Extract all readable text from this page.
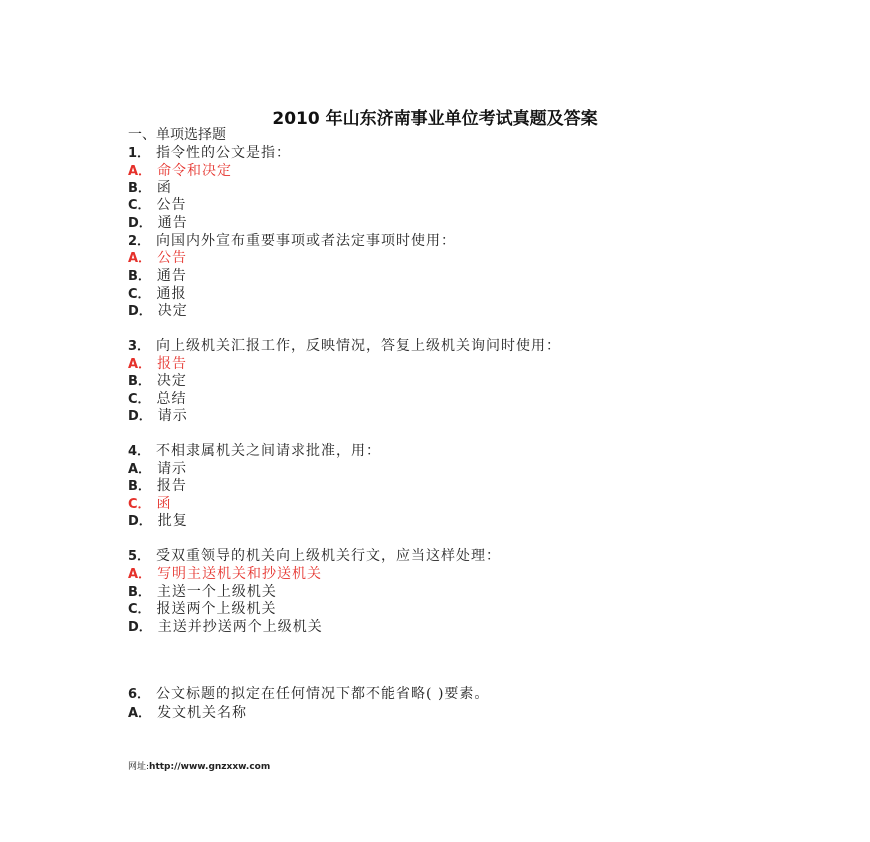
2010 年山东济南事业单位考试真题及答案
一、单项选择题
1． 指令性的公文是指：
A． 命令和决定
B． 函
C． 公告
D． 通告
2． 向国内外宣布重要事项或者法定事项时使用：
A． 公告
B． 通告
C． 通报
D． 决定
3． 向上级机关汇报工作，反映情况，答复上级机关询问时使用：
A． 报告
B． 决定
C． 总结
D． 请示
4． 不相隶属机关之间请求批准，用：
A． 请示
B． 报告
C． 函
D． 批复
5． 受双重领导的机关向上级机关行文，应当这样处理：
A． 写明主送机关和抄送机关
B． 主送一个上级机关
C． 报送两个上级机关
D． 主送并抄送两个上级机关
6． 公文标题的拟定在任何情况下都不能省略( )要素。
A． 发文机关名称
网址:http://www.gnzxxw.com
